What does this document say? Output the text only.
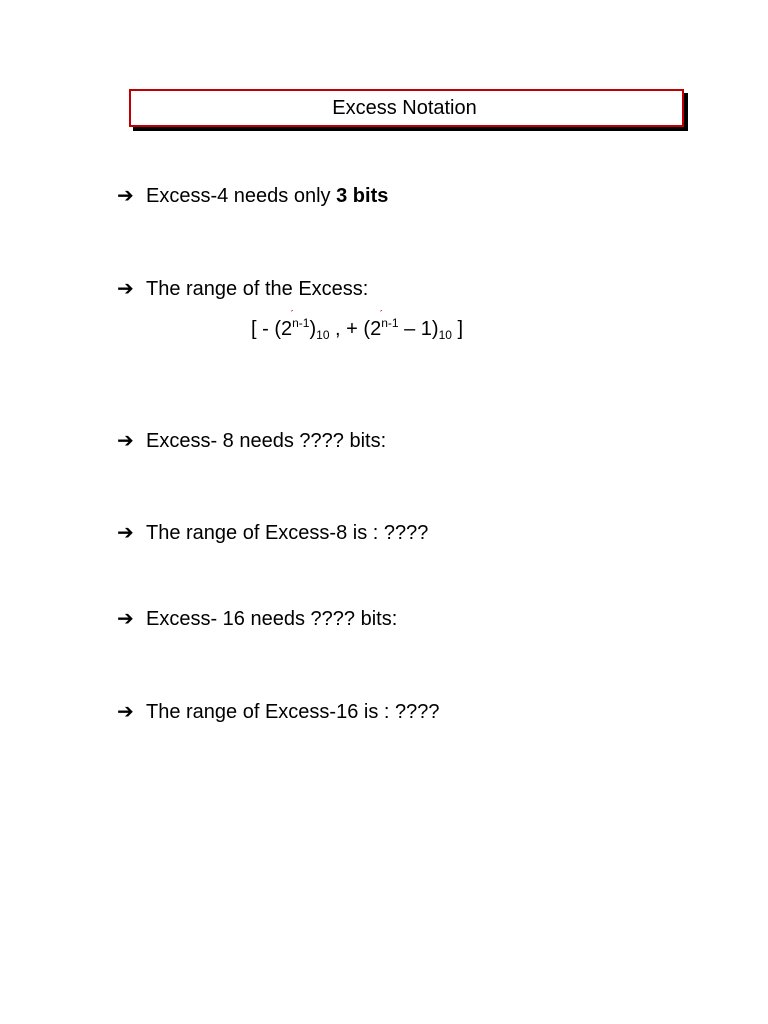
Excess Notation
➔ Excess-4 needs only 3 bits
➔ The range of the Excess:
[ - (2
$^{ˊ n-1})_{10}$ , + (2
$^{ˊ n-1} - 1)_{10}$ ]
➔ Excess- 8 needs ???? bits:
➔ The range of Excess-8 is : ????
➔ Excess- 16 needs ???? bits:
➔ The range of Excess-16 is : ????
